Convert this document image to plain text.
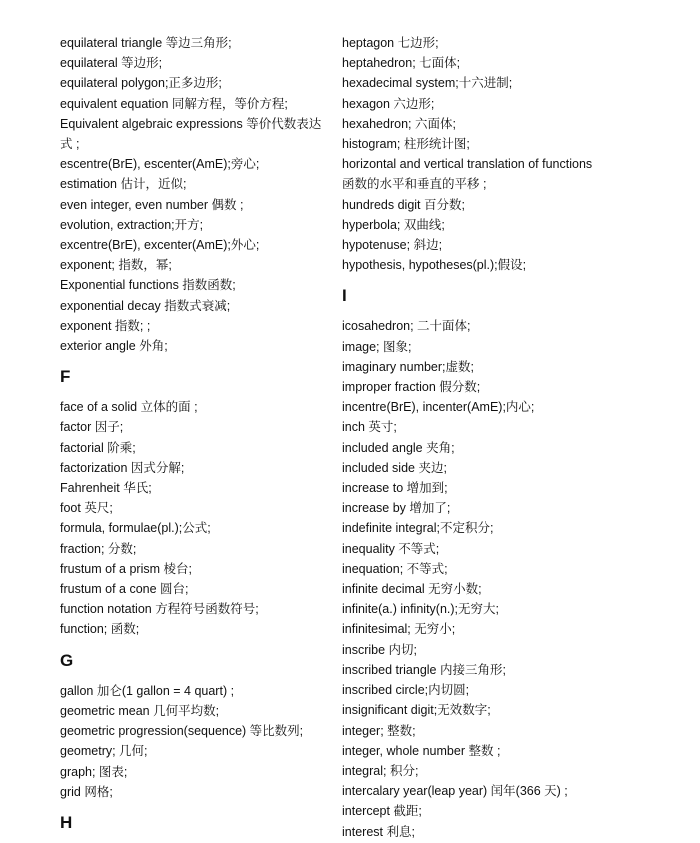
equilateral triangle 等边三角形;
equilateral 等边形;
equilateral polygon;正多边形;
equivalent equation 同解方程，等价方程;
Equivalent algebraic expressions 等价代数表达式 ;
escentre(BrE), escenter(AmE);旁心;
estimation 估计，近似;
even integer, even number 偶数 ;
evolution, extraction;开方;
excentre(BrE), excenter(AmE);外心;
exponent; 指数，幂;
Exponential functions 指数函数;
exponential decay 指数式衰减;
exponent 指数; ;
exterior angle 外角;
F
face of a solid 立体的面 ;
factor 因子;
factorial 阶乘;
factorization 因式分解;
Fahrenheit 华氏;
foot 英尺;
formula, formulae(pl.);公式;
fraction; 分数;
frustum of a prism 棱台;
frustum of a cone 圆台;
function notation 方程符号函数符号;
function; 函数;
G
gallon 加仑(1 gallon = 4 quart) ;
geometric mean 几何平均数;
geometric progression(sequence) 等比数列;
geometry; 几何;
graph; 图表;
grid 网格;
H
heptagon 七边形;
heptahedron; 七面体;
hexadecimal system;十六进制;
hexagon 六边形;
hexahedron; 六面体;
histogram; 柱形统计图;
horizontal and vertical translation of functions
函数的水平和垂直的平移 ;
hundreds digit 百分数;
hyperbola; 双曲线;
hypotenuse; 斜边;
hypothesis, hypotheses(pl.);假设;
I
icosahedron; 二十面体;
image; 图象;
imaginary number;虚数;
improper fraction 假分数;
incentre(BrE), incenter(AmE);内心;
inch 英寸;
included angle 夹角;
included side 夹边;
increase to 增加到;
increase by 增加了;
indefinite integral;不定积分;
inequality 不等式;
inequation; 不等式;
infinite decimal 无穷小数;
infinite(a.) infinity(n.);无穷大;
infinitesimal; 无穷小;
inscribe 内切;
inscribed triangle 内接三角形;
inscribed circle;内切圆;
insignificant digit;无效数字;
integer; 整数;
integer, whole number 整数 ;
integral; 积分;
intercalary year(leap year) 闰年(366 天) ;
intercept 截距;
interest 利息;
